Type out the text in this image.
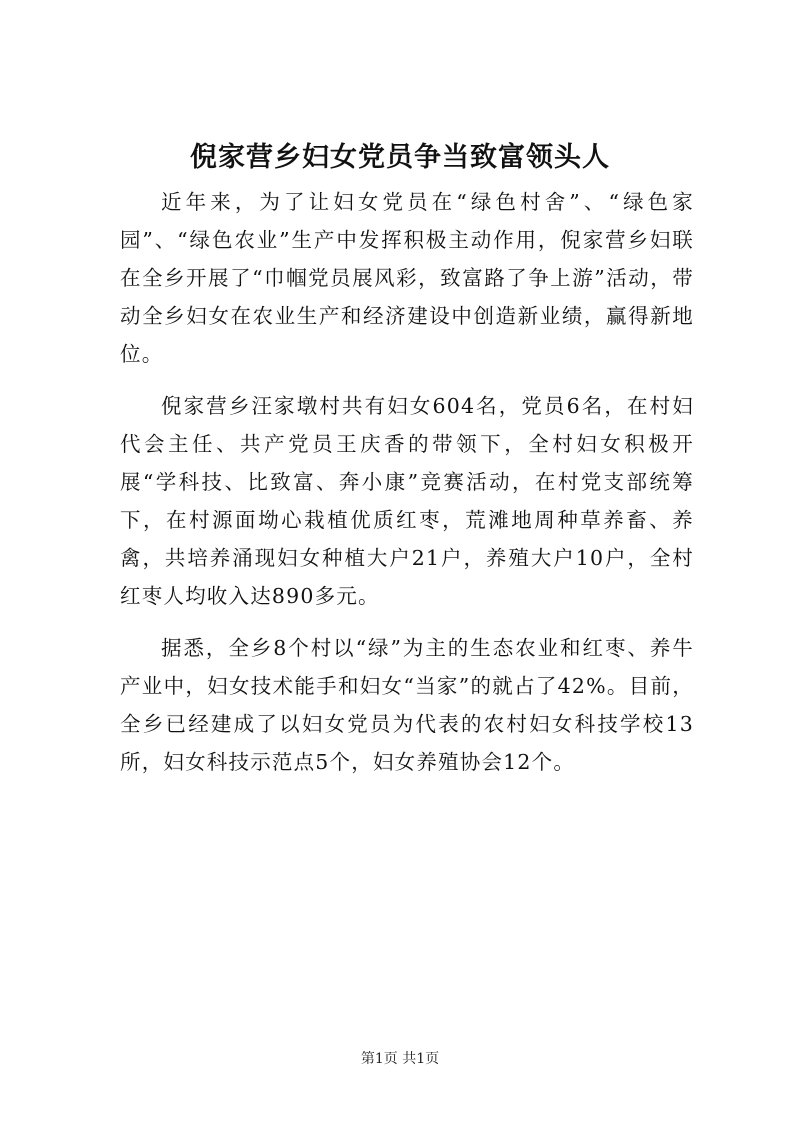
倪家营乡妇女党员争当致富领头人

近年来，为了让妇女党员在“绿色村舍”、“绿色家园”、“绿色农业”生产中发挥积极主动作用，倪家营乡妇联在全乡开展了“巾帼党员展风彩，致富路了争上游”活动，带动全乡妇女在农业生产和经济建设中创造新业绩，赢得新地位。

倪家营乡汪家墩村共有妇女604名，党员6名，在村妇代会主任、共产党员王庆香的带领下，全村妇女积极开展“学科技、比致富、奔小康”竞赛活动，在村党支部统筹下，在村源面坳心栽植优质红枣，荒滩地周种草养畜、养禽，共培养涌现妇女种植大户21户，养殖大户10户，全村红枣人均收入达890多元。

据悉，全乡8个村以“绿”为主的生态农业和红枣、养牛产业中，妇女技术能手和妇女“当家”的就占了42%。目前，全乡已经建成了以妇女党员为代表的农村妇女科技学校13所，妇女科技示范点5个，妇女养殖协会12个。

第1页 共1页
